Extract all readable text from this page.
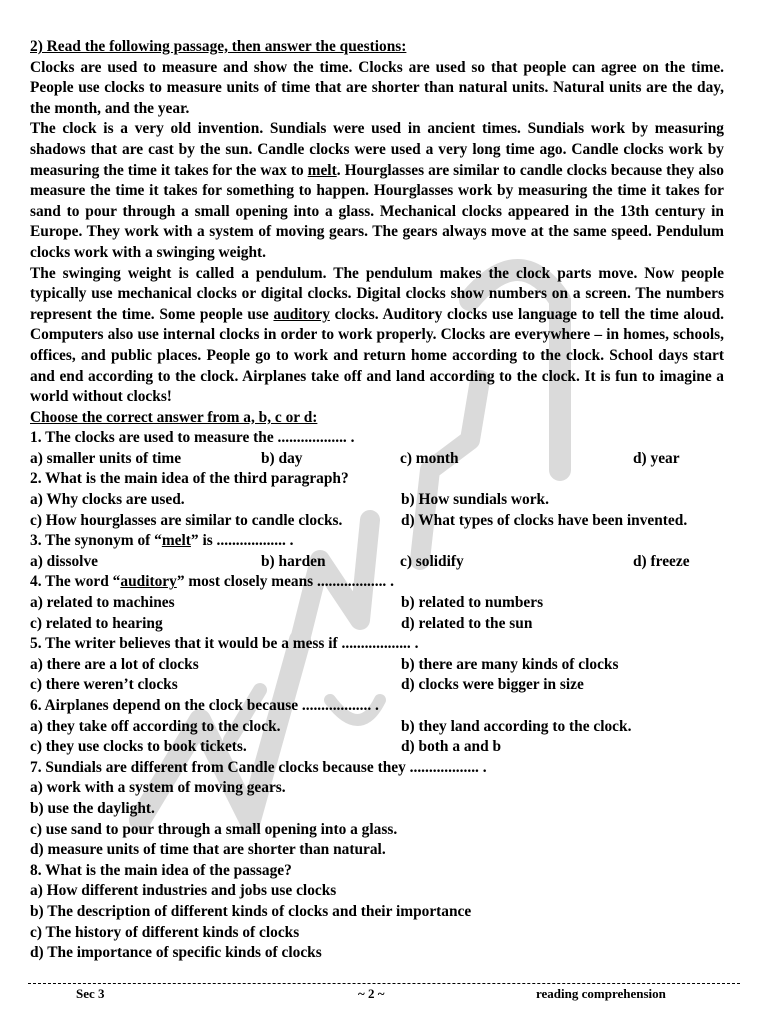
2) Read the following passage, then answer the questions:

Clocks are used to measure and show the time. Clocks are used so that people can agree on the time. People use clocks to measure units of time that are shorter than natural units. Natural units are the day, the month, and the year.

The clock is a very old invention. Sundials were used in ancient times. Sundials work by measuring shadows that are cast by the sun. Candle clocks were used a very long time ago. Candle clocks work by measuring the time it takes for the wax to melt. Hourglasses are similar to candle clocks because they also measure the time it takes for something to happen. Hourglasses work by measuring the time it takes for sand to pour through a small opening into a glass. Mechanical clocks appeared in the 13th century in Europe. They work with a system of moving gears. The gears always move at the same speed. Pendulum clocks work with a swinging weight.

The swinging weight is called a pendulum. The pendulum makes the clock parts move. Now people typically use mechanical clocks or digital clocks. Digital clocks show numbers on a screen. The numbers represent the time. Some people use auditory clocks. Auditory clocks use language to tell the time aloud. Computers also use internal clocks in order to work properly. Clocks are everywhere – in homes, schools, offices, and public places. People go to work and return home according to the clock. School days start and end according to the clock. Airplanes take off and land according to the clock. It is fun to imagine a world without clocks!

Choose the correct answer from a, b, c or d:
1. The clocks are used to measure the .................. .
a) smaller units of time	b) day	c) month	d) year
2. What is the main idea of the third paragraph?
a) Why clocks are used.	b) How sundials work.
c) How hourglasses are similar to candle clocks.	d) What types of clocks have been invented.
3. The synonym of “melt” is .................. .
a) dissolve	b) harden	c) solidify	d) freeze
4. The word “auditory” most closely means .................. .
a) related to machines	b) related to numbers
c) related to hearing	d) related to the sun
5. The writer believes that it would be a mess if .................. .
a) there are a lot of clocks	b) there are many kinds of clocks
c) there weren’t clocks	d) clocks were bigger in size
6. Airplanes depend on the clock because .................. .
a) they take off according to the clock.	b) they land according to the clock.
c) they use clocks to book tickets.	d) both a and b
7. Sundials are different from Candle clocks because they .................. .
a) work with a system of moving gears.
b) use the daylight.
c) use sand to pour through a small opening into a glass.
d) measure units of time that are shorter than natural.
8. What is the main idea of the passage?
a) How different industries and jobs use clocks
b) The description of different kinds of clocks and their importance
c) The history of different kinds of clocks
d) The importance of specific kinds of clocks
Sec 3	~ 2 ~	reading comprehension
